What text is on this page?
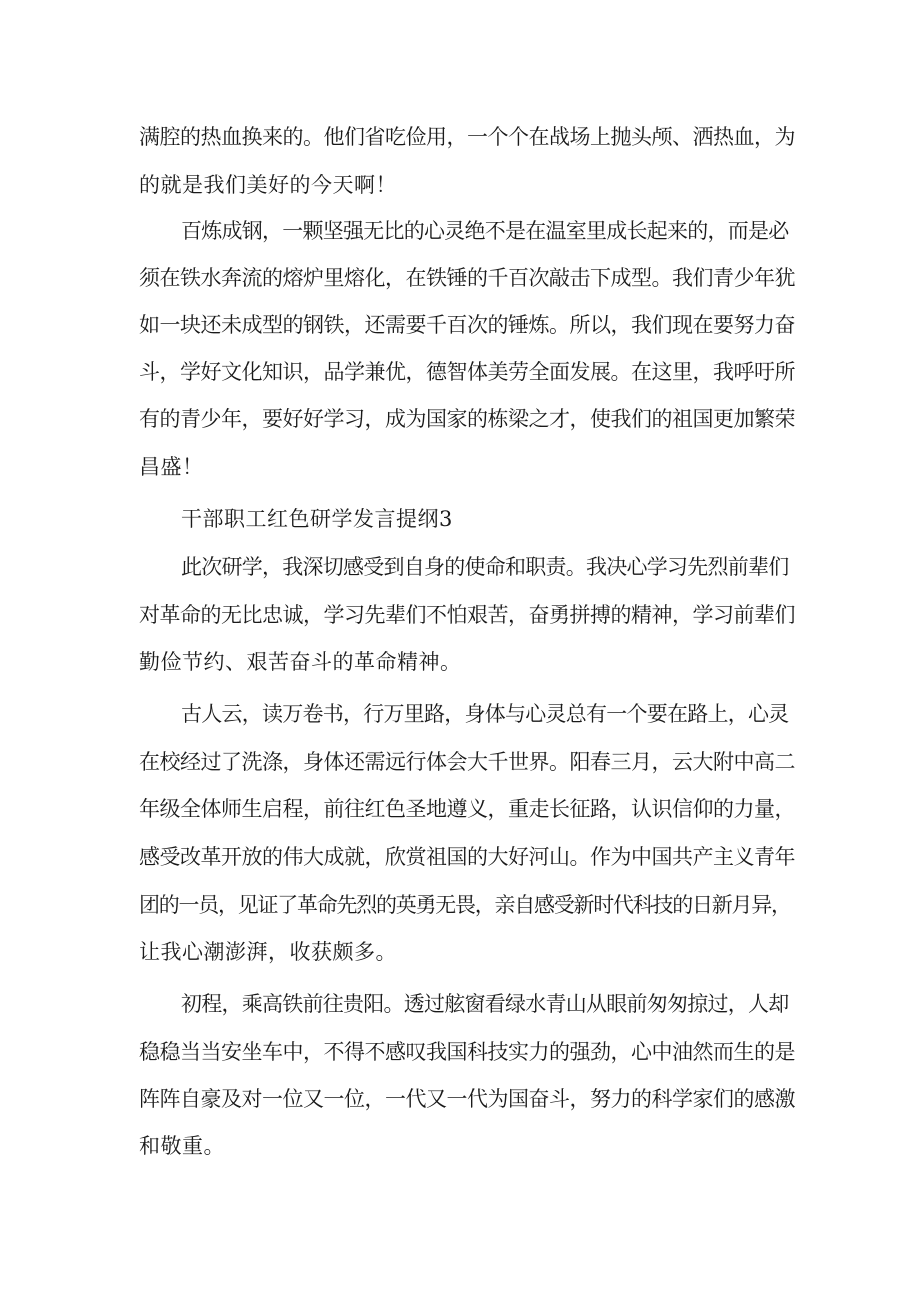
满腔的热血换来的。他们省吃俭用，一个个在战场上抛头颅、洒热血，为
的就是我们美好的今天啊！
百炼成钢，一颗坚强无比的心灵绝不是在温室里成长起来的，而是必
须在铁水奔流的熔炉里熔化，在铁锤的千百次敲击下成型。我们青少年犹
如一块还未成型的钢铁，还需要千百次的锤炼。所以，我们现在要努力奋
斗，学好文化知识，品学兼优，德智体美劳全面发展。在这里，我呼吁所
有的青少年，要好好学习，成为国家的栋梁之才，使我们的祖国更加繁荣
昌盛！
干部职工红色研学发言提纲3
此次研学，我深切感受到自身的使命和职责。我决心学习先烈前辈们
对革命的无比忠诚，学习先辈们不怕艰苦，奋勇拼搏的精神，学习前辈们
勤俭节约、艰苦奋斗的革命精神。
古人云，读万卷书，行万里路，身体与心灵总有一个要在路上，心灵
在校经过了洗涤，身体还需远行体会大千世界。阳春三月，云大附中高二
年级全体师生启程，前往红色圣地遵义，重走长征路，认识信仰的力量，
感受改革开放的伟大成就，欣赏祖国的大好河山。作为中国共产主义青年
团的一员，见证了革命先烈的英勇无畏，亲自感受新时代科技的日新月异，
让我心潮澎湃，收获颇多。
初程，乘高铁前往贵阳。透过舷窗看绿水青山从眼前匆匆掠过，人却
稳稳当当安坐车中，不得不感叹我国科技实力的强劲，心中油然而生的是
阵阵自豪及对一位又一位，一代又一代为国奋斗，努力的科学家们的感激
和敬重。
